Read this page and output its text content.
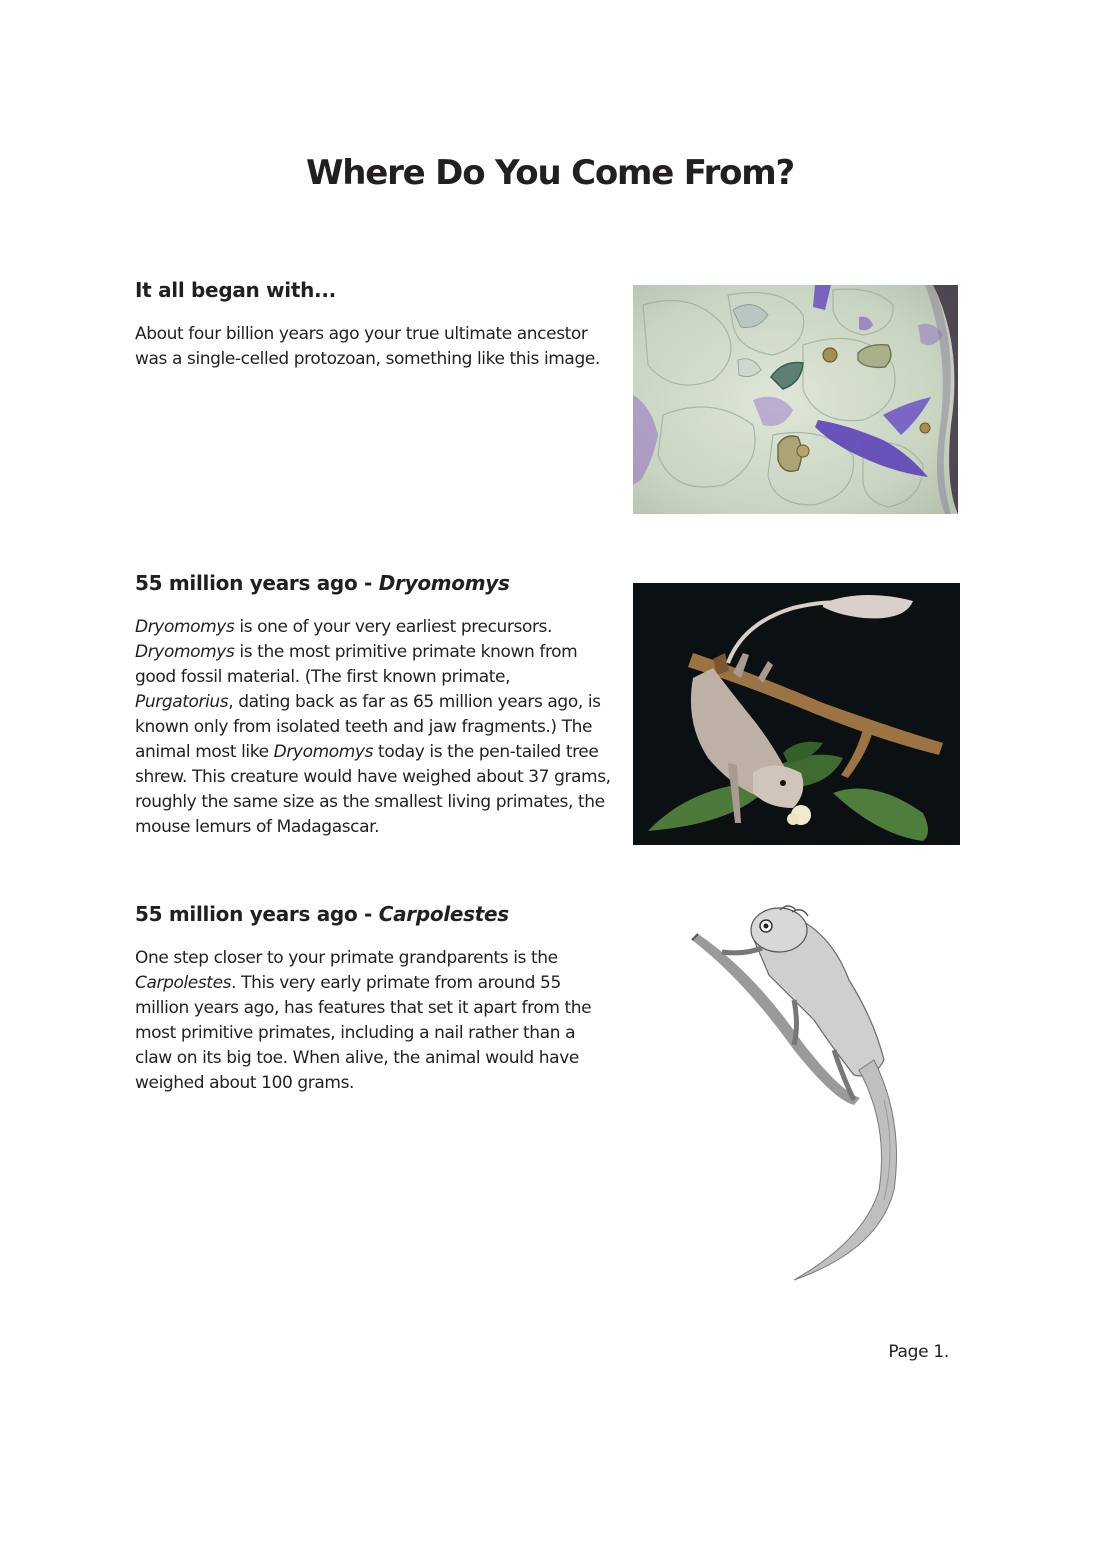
Where Do You Come From?
It all began with...

About four billion years ago your true ultimate ancestor was a single-celled protozoan, something like this image.

55 million years ago - Dryomomys

Dryomomys is one of your very earliest precursors. Dryomomys is the most primitive primate known from good fossil material. (The first known primate, Purgatorius, dating back as far as 65 million years ago, is known only from isolated teeth and jaw fragments.) The animal most like Dryomomys today is the pen-tailed tree shrew. This creature would have weighed about 37 grams, roughly the same size as the smallest living primates, the mouse lemurs of Madagascar.

55 million years ago - Carpolestes

One step closer to your primate grandparents is the Carpolestes. This very early primate from around 55 million years ago, has features that set it apart from the most primitive primates, including a nail rather than a claw on its big toe. When alive, the animal would have weighed about 100 grams.

Page 1.
